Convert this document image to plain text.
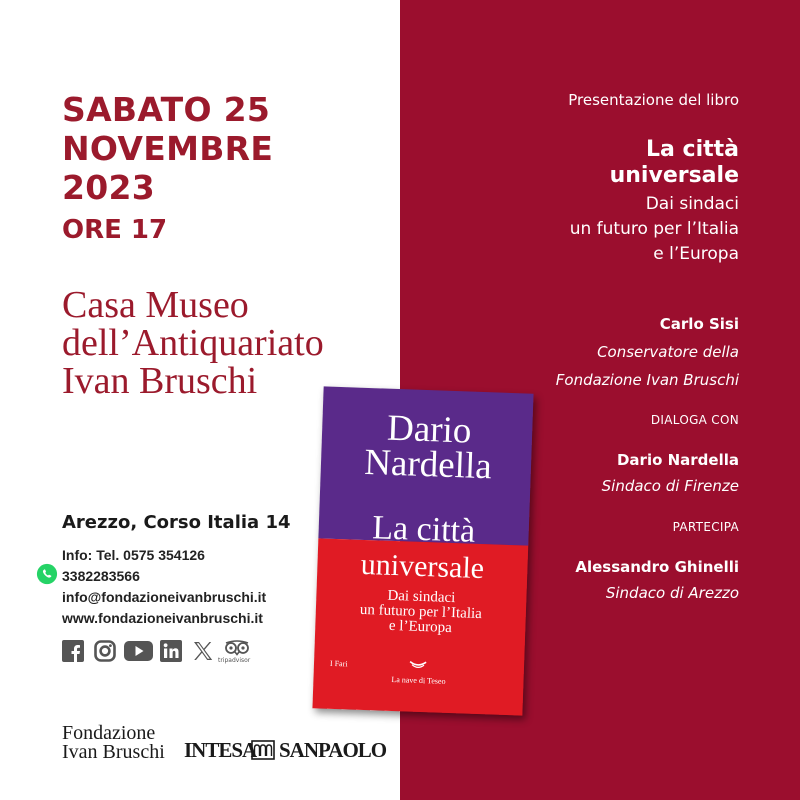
SABATO 25
NOVEMBRE
2023
ORE 17
Casa Museo
dell’Antiquariato
Ivan Bruschi
Arezzo, Corso Italia 14
Info: Tel. 0575 354126
3382283566
info@fondazioneivanbruschi.it
www.fondazioneivanbruschi.it
tripadvisor
Fondazione
Ivan Bruschi INTESA SANPAOLO
Presentazione del libro
La città
universale
Dai sindaci
un futuro per l’Italia
e l’Europa
Carlo Sisi
Conservatore della
Fondazione Ivan Bruschi
DIALOGA CON
Dario Nardella
Sindaco di Firenze
PARTECIPA
Alessandro Ghinelli
Sindaco di Arezzo
Dario
Nardella
La città
universale
Dai sindaci
un futuro per l’Italia
e l’Europa
I Fari
La nave di Teseo
